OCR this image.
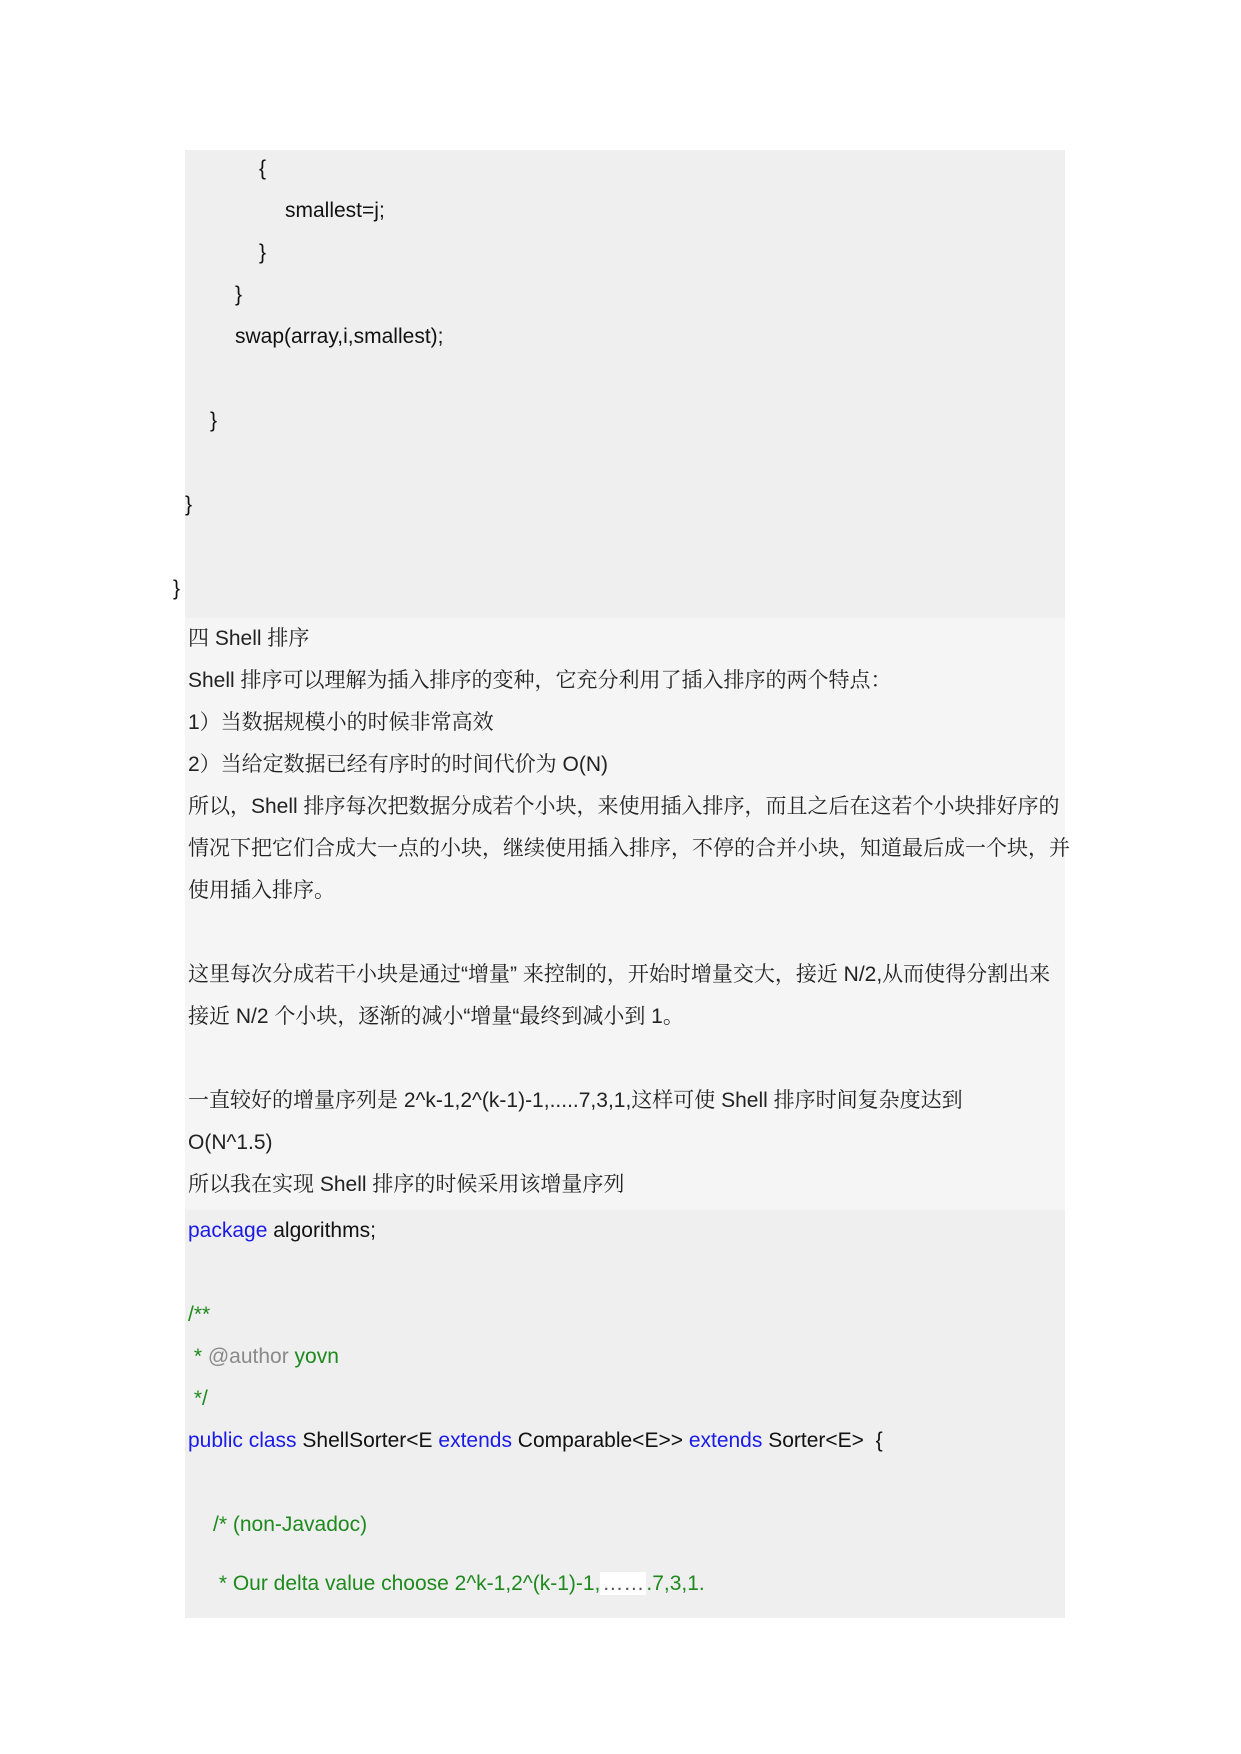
{
smallest=j;
}
}
swap(array,i,smallest);
}
}
}
四 Shell 排序
Shell 排序可以理解为插入排序的变种，它充分利用了插入排序的两个特点：
1）当数据规模小的时候非常高效
2）当给定数据已经有序时的时间代价为 O(N)
所以，Shell 排序每次把数据分成若个小块，来使用插入排序，而且之后在这若个小块排好序的
情况下把它们合成大一点的小块，继续使用插入排序，不停的合并小块，知道最后成一个块，并
使用插入排序。
这里每次分成若干小块是通过“增量” 来控制的，开始时增量交大，接近 N/2,从而使得分割出来
接近 N/2 个小块，逐渐的减小“增量“最终到减小到 1。
一直较好的增量序列是 2^k-1,2^(k-1)-1,.....7,3,1,这样可使 Shell 排序时间复杂度达到
O(N^1.5)
所以我在实现 Shell 排序的时候采用该增量序列
package algorithms;
/**
* @author yovn
*/
public class ShellSorter<E extends Comparable<E>> extends Sorter<E>  {
/* (non-Javadoc)
* Our delta value choose 2^k-1,2^(k-1)-1,…….7,3,1.
